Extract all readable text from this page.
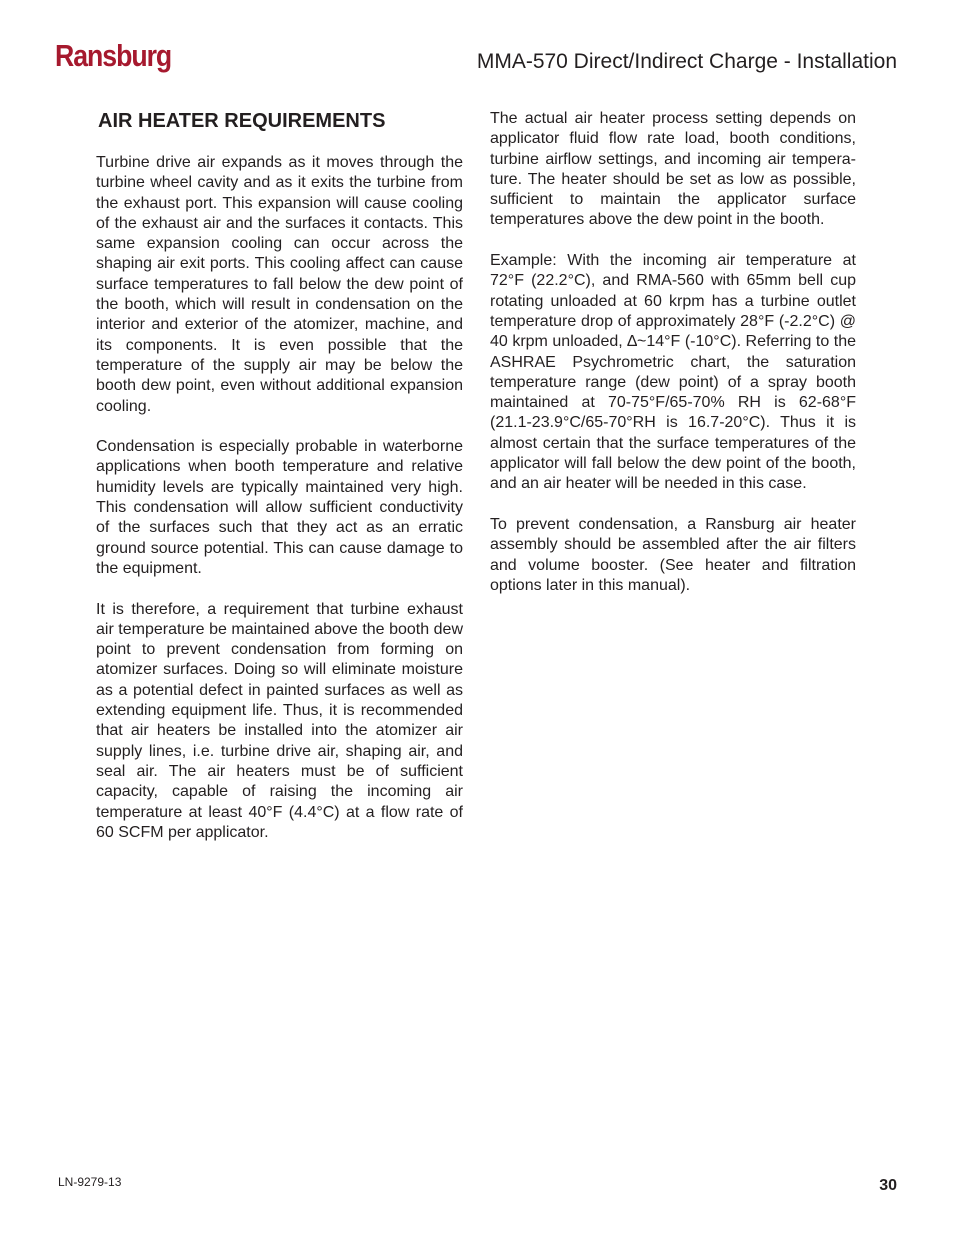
Ransburg	MMA-570 Direct/Indirect Charge - Installation
AIR HEATER REQUIREMENTS

Turbine drive air expands as it moves through the turbine wheel cavity and as it exits the turbine from the exhaust port. This expansion will cause cooling of the exhaust air and the surfaces it contacts. This same expansion cooling can occur across the shaping air exit ports. This cooling affect can cause surface temperatures to fall below the dew point of the booth, which will result in condensation on the interior and exterior of the atomizer, machine, and its components. It is even possible that the temperature of the supply air may be below the booth dew point, even without additional expansion cooling.

Condensation is especially probable in waterborne applications when booth temperature and relative humidity levels are typically maintained very high. This condensation will allow sufficient conductivity of the surfaces such that they act as an erratic ground source potential. This can cause damage to the equipment.

It is therefore, a requirement that turbine exhaust air temperature be maintained above the booth dew point to prevent condensation from forming on atomizer surfaces. Doing so will eliminate moisture as a potential defect in painted surfaces as well as extending equipment life. Thus, it is recommended that air heaters be installed into the atomizer air supply lines, i.e. turbine drive air, shaping air, and seal air. The air heaters must be of sufficient capacity, capable of raising the incoming air temperature at least 40°F (4.4°C) at a flow rate of 60 SCFM per applicator.

The actual air heater process setting depends on applicator fluid flow rate load, booth conditions, turbine airflow settings, and incoming air temperature. The heater should be set as low as possible, sufficient to maintain the applicator surface temperatures above the dew point in the booth.

Example: With the incoming air temperature at 72°F (22.2°C), and RMA-560 with 65mm bell cup rotating unloaded at 60 krpm has a turbine outlet temperature drop of approximately 28°F (-2.2°C) @ 40 krpm unloaded, ∆~14°F (-10°C). Referring to the ASHRAE Psychrometric chart, the saturation temperature range (dew point) of a spray booth maintained at 70-75°F/65-70% RH is 62-68°F (21.1-23.9°C/65-70°RH is 16.7-20°C). Thus it is almost certain that the surface temperatures of the applicator will fall below the dew point of the booth, and an air heater will be needed in this case.

To prevent condensation, a Ransburg air heater assembly should be assembled after the air filters and volume booster. (See heater and filtration options later in this manual).

LN-9279-13	30
